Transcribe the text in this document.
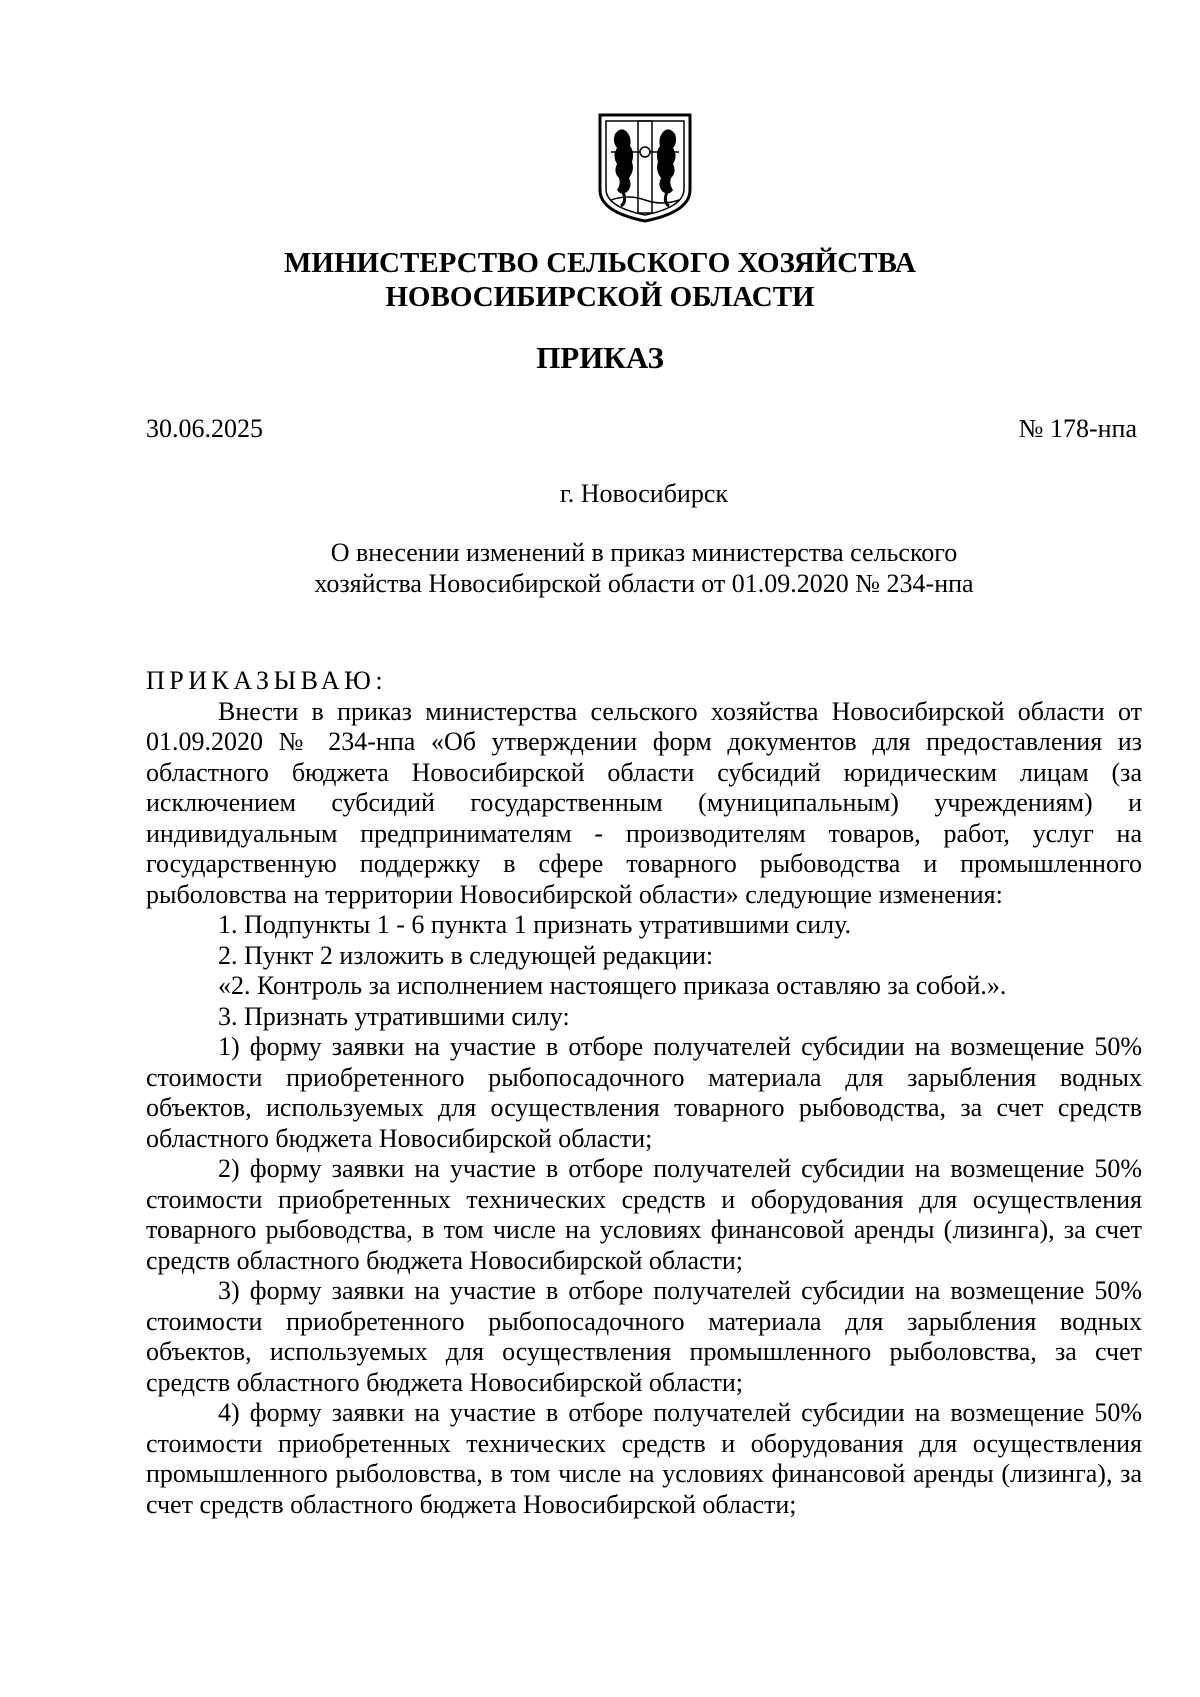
МИНИСТЕРСТВО СЕЛЬСКОГО ХОЗЯЙСТВА
НОВОСИБИРСКОЙ ОБЛАСТИ
ПРИКАЗ
30.06.2025	№ 178-нпа
г. Новосибирск
О внесении изменений в приказ министерства сельского
хозяйства Новосибирской области от 01.09.2020 № 234-нпа

ПРИКАЗЫВАЮ:

Внести в приказ министерства сельского хозяйства Новосибирской области от 01.09.2020 № 234-нпа «Об утверждении форм документов для предоставления из областного бюджета Новосибирской области субсидий юридическим лицам (за исключением субсидий государственным (муниципальным) учреждениям) и индивидуальным предпринимателям - производителям товаров, работ, услуг на государственную поддержку в сфере товарного рыбоводства и промышленного рыболовства на территории Новосибирской области» следующие изменения:

1. Подпункты 1 - 6 пункта 1 признать утратившими силу.

2. Пункт 2 изложить в следующей редакции:

«2. Контроль за исполнением настоящего приказа оставляю за собой.».

3. Признать утратившими силу:

1) форму заявки на участие в отборе получателей субсидии на возмещение 50% стоимости приобретенного рыбопосадочного материала для зарыбления водных объектов, используемых для осуществления товарного рыбоводства, за счет средств областного бюджета Новосибирской области;

2) форму заявки на участие в отборе получателей субсидии на возмещение 50% стоимости приобретенных технических средств и оборудования для осуществления товарного рыбоводства, в том числе на условиях финансовой аренды (лизинга), за счет средств областного бюджета Новосибирской области;

3) форму заявки на участие в отборе получателей субсидии на возмещение 50% стоимости приобретенного рыбопосадочного материала для зарыбления водных объектов, используемых для осуществления промышленного рыболовства, за счет средств областного бюджета Новосибирской области;

4) форму заявки на участие в отборе получателей субсидии на возмещение 50% стоимости приобретенных технических средств и оборудования для осуществления промышленного рыболовства, в том числе на условиях финансовой аренды (лизинга), за счет средств областного бюджета Новосибирской области;
